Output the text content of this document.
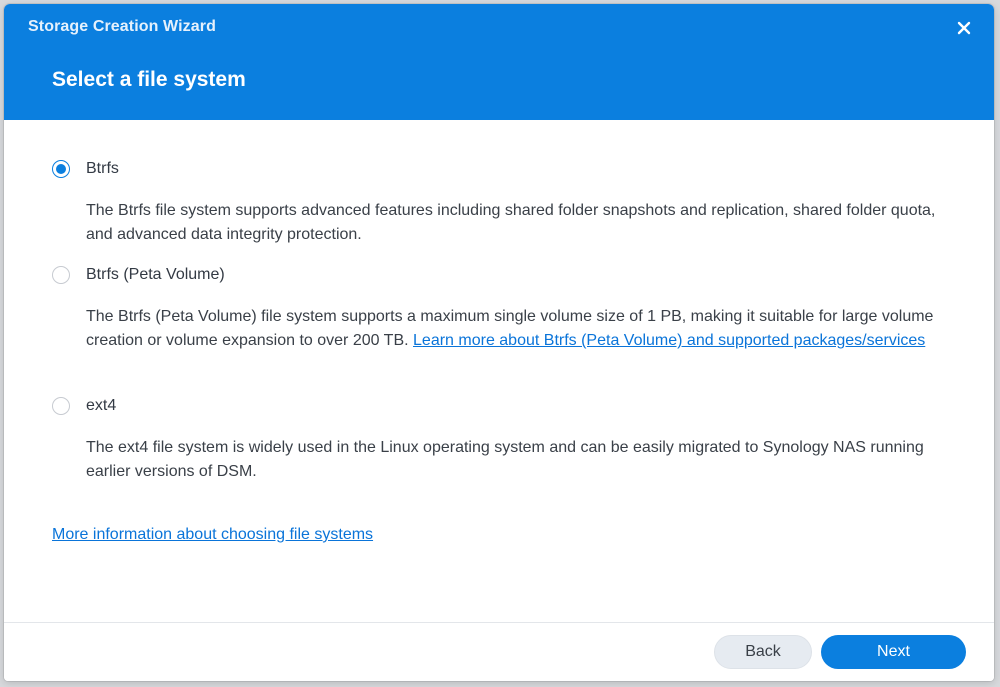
Storage Creation Wizard
Select a file system
Btrfs
The Btrfs file system supports advanced features including shared folder snapshots and replication, shared folder quota, and advanced data integrity protection.
Btrfs (Peta Volume)
The Btrfs (Peta Volume) file system supports a maximum single volume size of 1 PB, making it suitable for large volume creation or volume expansion to over 200 TB. Learn more about Btrfs (Peta Volume) and supported packages/services
ext4
The ext4 file system is widely used in the Linux operating system and can be easily migrated to Synology NAS running earlier versions of DSM.
More information about choosing file systems
Back	Next
